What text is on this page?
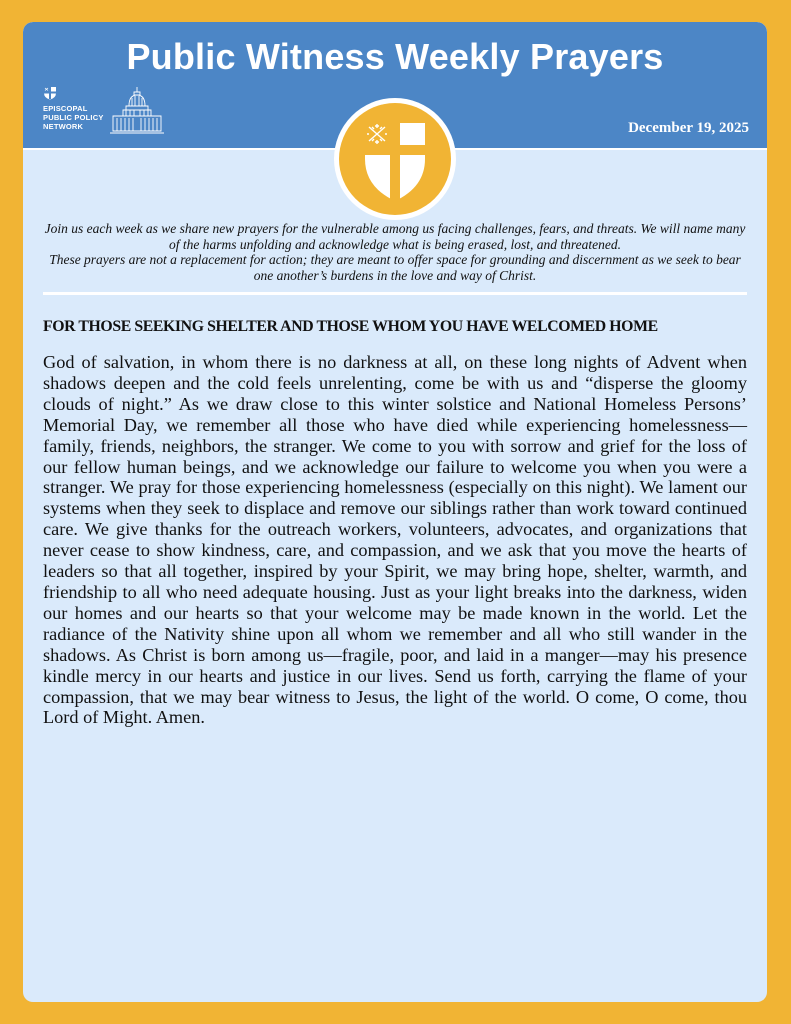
Public Witness Weekly Prayers
EPISCOPAL
PUBLIC POLICY
NETWORK	December 19, 2025

Join us each week as we share new prayers for the vulnerable among us facing challenges, fears, and threats. We will name many of the harms unfolding and acknowledge what is being erased, lost, and threatened.

These prayers are not a replacement for action; they are meant to offer space for grounding and discernment as we seek to bear one another’s burdens in the love and way of Christ.

FOR THOSE SEEKING SHELTER AND THOSE WHOM YOU HAVE WELCOMED HOME
God of salvation, in whom there is no darkness at all, on these long nights of Advent when shadows deepen and the cold feels unrelenting, come be with us and “disperse the gloomy clouds of night.” As we draw close to this winter solstice and National Homeless Persons’ Memorial Day, we remember all those who have died while experiencing homelessness—family, friends, neighbors, the stranger. We come to you with sorrow and grief for the loss of our fellow human beings, and we acknowledge our failure to welcome you when you were a stranger. We pray for those experiencing homelessness (especially on this night). We lament our systems when they seek to displace and remove our siblings rather than work toward continued care. We give thanks for the outreach workers, volunteers, advocates, and organizations that never cease to show kindness, care, and compassion, and we ask that you move the hearts of leaders so that all together, inspired by your Spirit, we may bring hope, shelter, warmth, and friendship to all who need adequate housing. Just as your light breaks into the darkness, widen our homes and our hearts so that your welcome may be made known in the world. Let the radiance of the Nativity shine upon all whom we remember and all who still wander in the shadows. As Christ is born among us—fragile, poor, and laid in a manger—may his presence kindle mercy in our hearts and justice in our lives. Send us forth, carrying the flame of your compassion, that we may bear witness to Jesus, the light of the world. O come, O come, thou Lord of Might. Amen.
